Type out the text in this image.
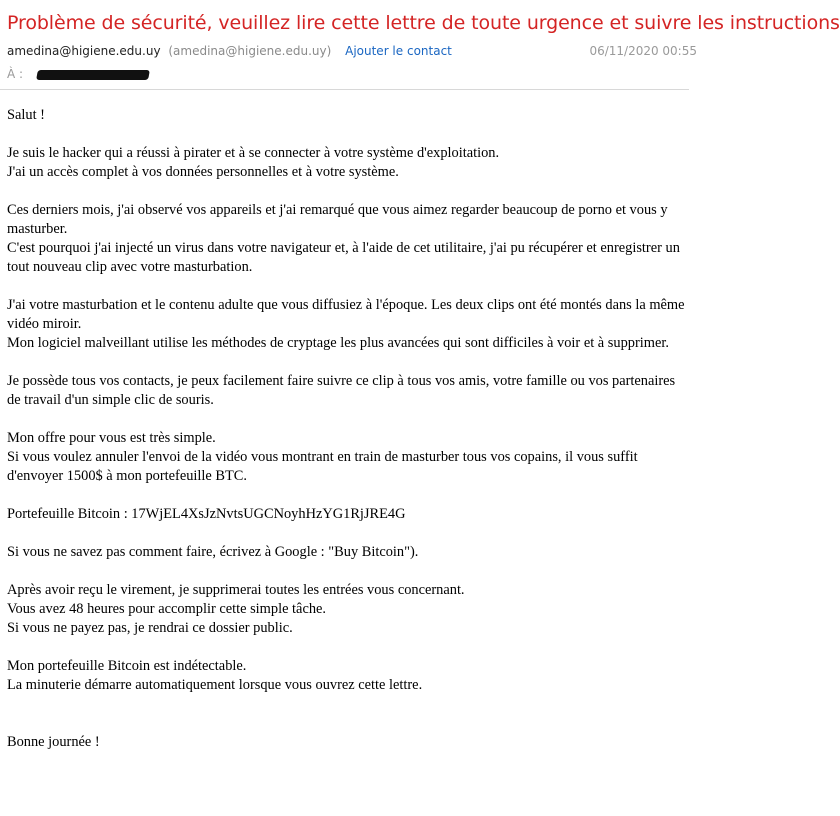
Problème de sécurité, veuillez lire cette lettre de toute urgence et suivre les instructions
amedina@higiene.edu.uy (amedina@higiene.edu.uy) Ajouter le contact	06/11/2020 00:55
À :

Salut !

Je suis le hacker qui a réussi à pirater et à se connecter à votre système d'exploitation.
J'ai un accès complet à vos données personnelles et à votre système.

Ces derniers mois, j'ai observé vos appareils et j'ai remarqué que vous aimez regarder beaucoup de porno et vous y masturber.
C'est pourquoi j'ai injecté un virus dans votre navigateur et, à l'aide de cet utilitaire, j'ai pu récupérer et enregistrer un tout nouveau clip avec votre masturbation.

J'ai votre masturbation et le contenu adulte que vous diffusiez à l'époque. Les deux clips ont été montés dans la même vidéo miroir.
Mon logiciel malveillant utilise les méthodes de cryptage les plus avancées qui sont difficiles à voir et à supprimer.

Je possède tous vos contacts, je peux facilement faire suivre ce clip à tous vos amis, votre famille ou vos partenaires de travail d'un simple clic de souris.

Mon offre pour vous est très simple.
Si vous voulez annuler l'envoi de la vidéo vous montrant en train de masturber tous vos copains, il vous suffit d'envoyer 1500$ à mon portefeuille BTC.

Portefeuille Bitcoin : 17WjEL4XsJzNvtsUGCNoyhHzYG1RjJRE4G

Si vous ne savez pas comment faire, écrivez à Google : "Buy Bitcoin").

Après avoir reçu le virement, je supprimerai toutes les entrées vous concernant.
Vous avez 48 heures pour accomplir cette simple tâche.
Si vous ne payez pas, je rendrai ce dossier public.

Mon portefeuille Bitcoin est indétectable.
La minuterie démarre automatiquement lorsque vous ouvrez cette lettre.

Bonne journée !
